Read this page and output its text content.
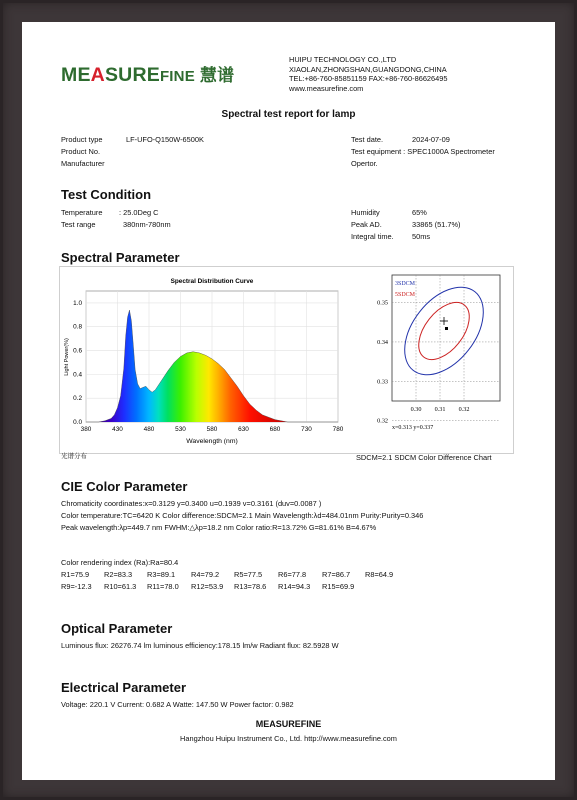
MEASUREFINE 慧谱
HUIPU TECHNOLOGY CO.,LTD
XIAOLAN,ZHONGSHAN,GUANGDONG,CHINA
TEL:+86-760-85851159 FAX:+86-760-86626495
www.measurefine.com
Spectral test report for lamp
Product type	LF-UFO-Q150W-6500K
Product No.
Manufacturer
Test date.	2024-07-09
Test equipment : SPEC1000A Spectrometer
Opertor.
Test Condition
Temperature : 25.0Deg C
Test range	380nm-780nm
Humidity	65%
Peak AD.	33865 (51.7%)
Integral time. 50ms
Spectral Parameter
Spectral Distribution Curve
380	430	480	530	580	630	680	730	780
0.0
0.2
0.4
0.6
0.8
1.0
Wavelength (nm)
Light Power(%)
3SDCM
5SDCM
0.30 0.31 0.32
0.35
0.34
0.33
0.32
x=0.313 y=0.337
光谱分布	SDCM=2.1 SDCM Color Difference Chart
CIE Color Parameter
Chromaticity coordinates:x=0.3129 y=0.3400 u=0.1939 v=0.3161 (duv=0.0087 )
Color temperature:TC=6420 K Color difference:SDCM=2.1 Main Wavelength:λd=484.01nm Purity:Purity=0.346
Peak wavelength:λp=449.7 nm FWHM:△λp=18.2 nm Color ratio:R=13.72% G=81.61% B=4.67%
Color rendering index (Ra):Ra=80.4
R1=75.9 R2=83.3 R3=89.1 R4=79.2 R5=77.5 R6=77.8 R7=86.7 R8=64.9
R9=-12.3 R10=61.3 R11=78.0 R12=53.9 R13=78.6 R14=94.3 R15=69.9
Optical Parameter
Luminous flux: 26276.74 lm luminous efficiency:178.15 lm/w Radiant flux: 82.5928 W
Electrical Parameter
Voltage: 220.1 V Current: 0.682 A Watte: 147.50 W Power factor: 0.982
MEASUREFINE
Hangzhou Huipu Instrument Co., Ltd. http://www.measurefine.com
